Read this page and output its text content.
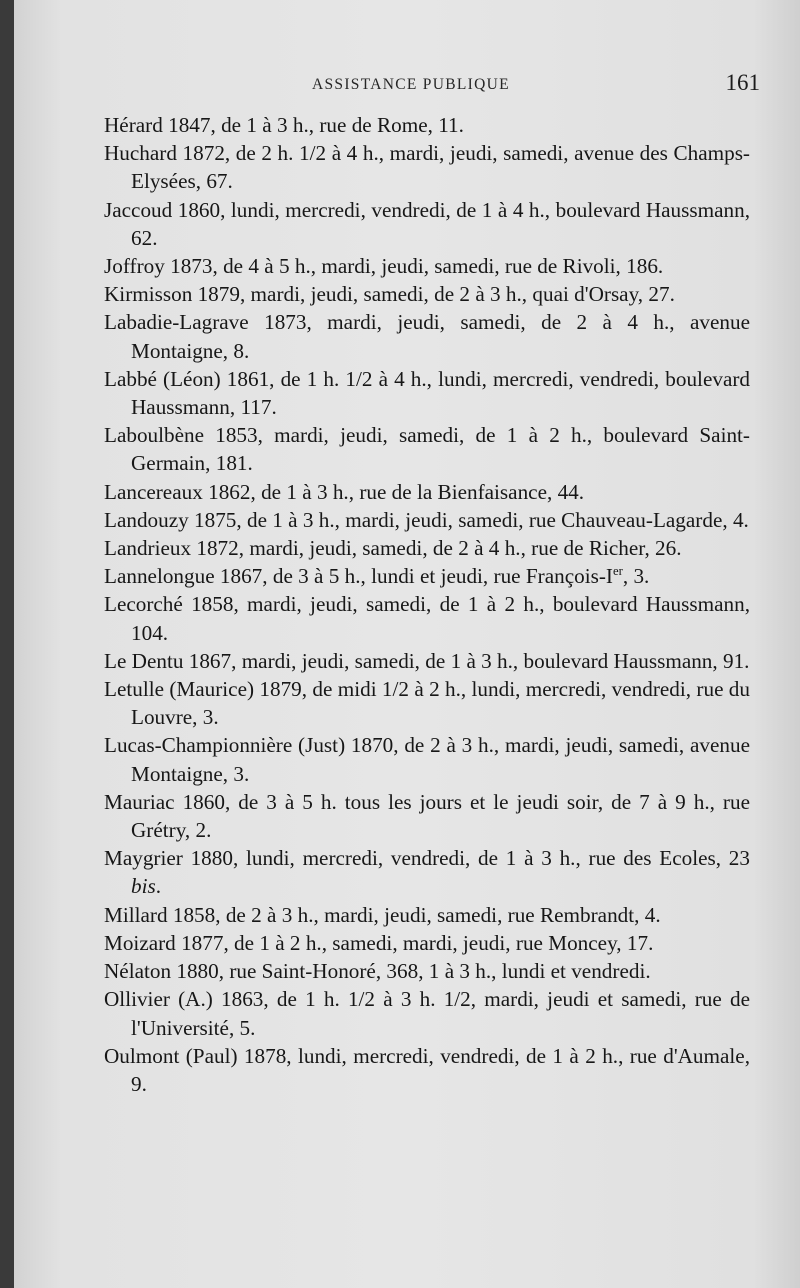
ASSISTANCE PUBLIQUE	161
Hérard 1847, de 1 à 3 h., rue de Rome, 11.
Huchard 1872, de 2 h. 1/2 à 4 h., mardi, jeudi, samedi, avenue des Champs-Elysées, 67.
Jaccoud 1860, lundi, mercredi, vendredi, de 1 à 4 h., boulevard Haussmann, 62.
Joffroy 1873, de 4 à 5 h., mardi, jeudi, samedi, rue de Rivoli, 186.
Kirmisson 1879, mardi, jeudi, samedi, de 2 à 3 h., quai d'Orsay, 27.
Labadie-Lagrave 1873, mardi, jeudi, samedi, de 2 à 4 h., avenue Montaigne, 8.
Labbé (Léon) 1861, de 1 h. 1/2 à 4 h., lundi, mercredi, vendredi, boulevard Haussmann, 117.
Laboulbène 1853, mardi, jeudi, samedi, de 1 à 2 h., boulevard Saint-Germain, 181.
Lancereaux 1862, de 1 à 3 h., rue de la Bienfaisance, 44.
Landouzy 1875, de 1 à 3 h., mardi, jeudi, samedi, rue Chauveau-Lagarde, 4.
Landrieux 1872, mardi, jeudi, samedi, de 2 à 4 h., rue de Richer, 26.
Lannelongue 1867, de 3 à 5 h., lundi et jeudi, rue François-Ier, 3.
Lecorché 1858, mardi, jeudi, samedi, de 1 à 2 h., boulevard Haussmann, 104.
Le Dentu 1867, mardi, jeudi, samedi, de 1 à 3 h., boulevard Haussmann, 91.
Letulle (Maurice) 1879, de midi 1/2 à 2 h., lundi, mercredi, vendredi, rue du Louvre, 3.
Lucas-Championnière (Just) 1870, de 2 à 3 h., mardi, jeudi, samedi, avenue Montaigne, 3.
Mauriac 1860, de 3 à 5 h. tous les jours et le jeudi soir, de 7 à 9 h., rue Grétry, 2.
Maygrier 1880, lundi, mercredi, vendredi, de 1 à 3 h., rue des Ecoles, 23 bis.
Millard 1858, de 2 à 3 h., mardi, jeudi, samedi, rue Rembrandt, 4.
Moizard 1877, de 1 à 2 h., samedi, mardi, jeudi, rue Moncey, 17.
Nélaton 1880, rue Saint-Honoré, 368, 1 à 3 h., lundi et vendredi.
Ollivier (A.) 1863, de 1 h. 1/2 à 3 h. 1/2, mardi, jeudi et samedi, rue de l'Université, 5.
Oulmont (Paul) 1878, lundi, mercredi, vendredi, de 1 à 2 h., rue d'Aumale, 9.
